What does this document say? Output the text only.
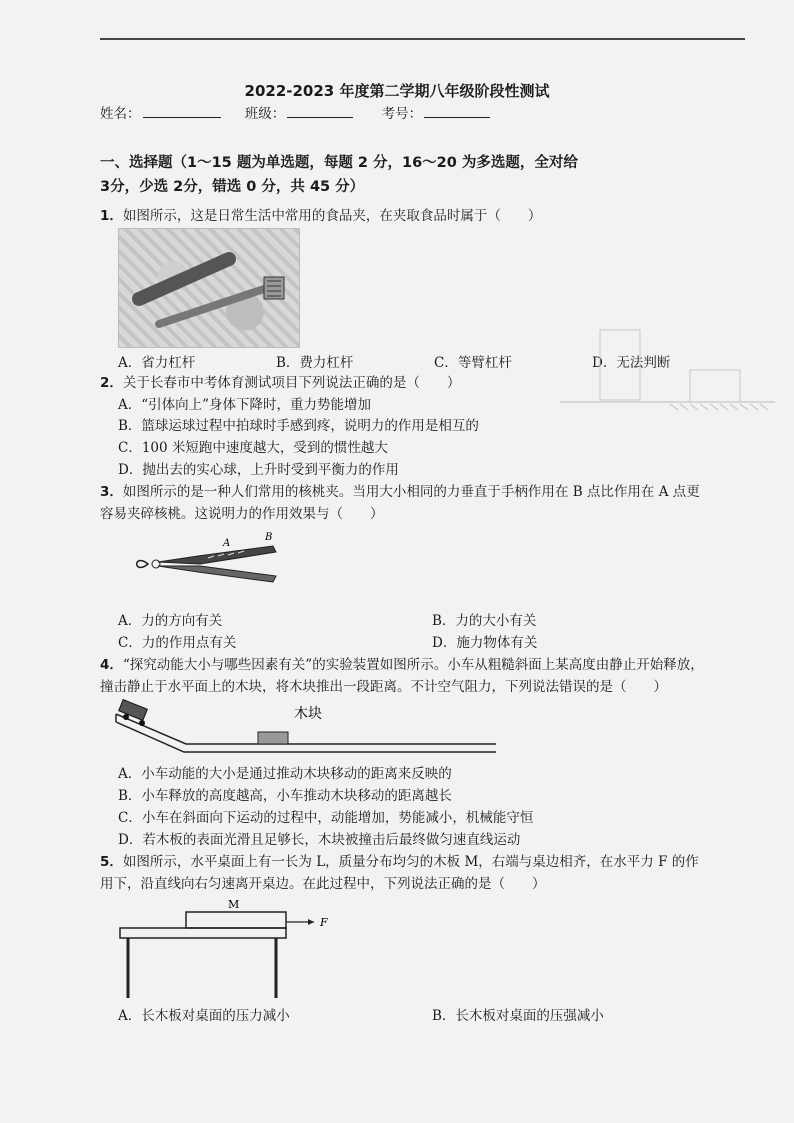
2022-2023 年度第二学期八年级阶段性测试
姓名：	班级：	考号：
一、选择题（1～15 题为单选题，每题 2 分，16～20 为多选题，全对给
3分，少选 2分，错选 0 分，共 45 分）
1．如图所示，这是日常生活中常用的食品夹，在夹取食品时属于（　　）
A．省力杠杆	B．费力杠杆	C．等臂杠杆	D．无法判断
2．关于长春市中考体育测试项目下列说法正确的是（　　）
A．“引体向上”身体下降时，重力势能增加
B．篮球运球过程中拍球时手感到疼，说明力的作用是相互的
C．100 米短跑中速度越大，受到的惯性越大
D．抛出去的实心球，上升时受到平衡力的作用
3．如图所示的是一种人们常用的核桃夹。当用大小相同的力垂直于手柄作用在 B 点比作用在 A 点更
容易夹碎核桃。这说明力的作用效果与（　　）
A
B
A．力的方向有关	B．力的大小有关
C．力的作用点有关	D．施力物体有关
4．“探究动能大小与哪些因素有关”的实验装置如图所示。小车从粗糙斜面上某高度由静止开始释放，
撞击静止于水平面上的木块，将木块推出一段距离。不计空气阻力，下列说法错误的是（　　）
木块
A．小车动能的大小是通过推动木块移动的距离来反映的
B．小车释放的高度越高，小车推动木块移动的距离越长
C．小车在斜面向下运动的过程中，动能增加，势能减小，机械能守恒
D．若木板的表面光滑且足够长，木块被撞击后最终做匀速直线运动
5．如图所示，水平桌面上有一长为 L，质量分布均匀的木板 M，右端与桌边相齐，在水平力 F 的作
用下，沿直线向右匀速离开桌边。在此过程中，下列说法正确的是（　　）
M
F
A．长木板对桌面的压力减小	B．长木板对桌面的压强减小
